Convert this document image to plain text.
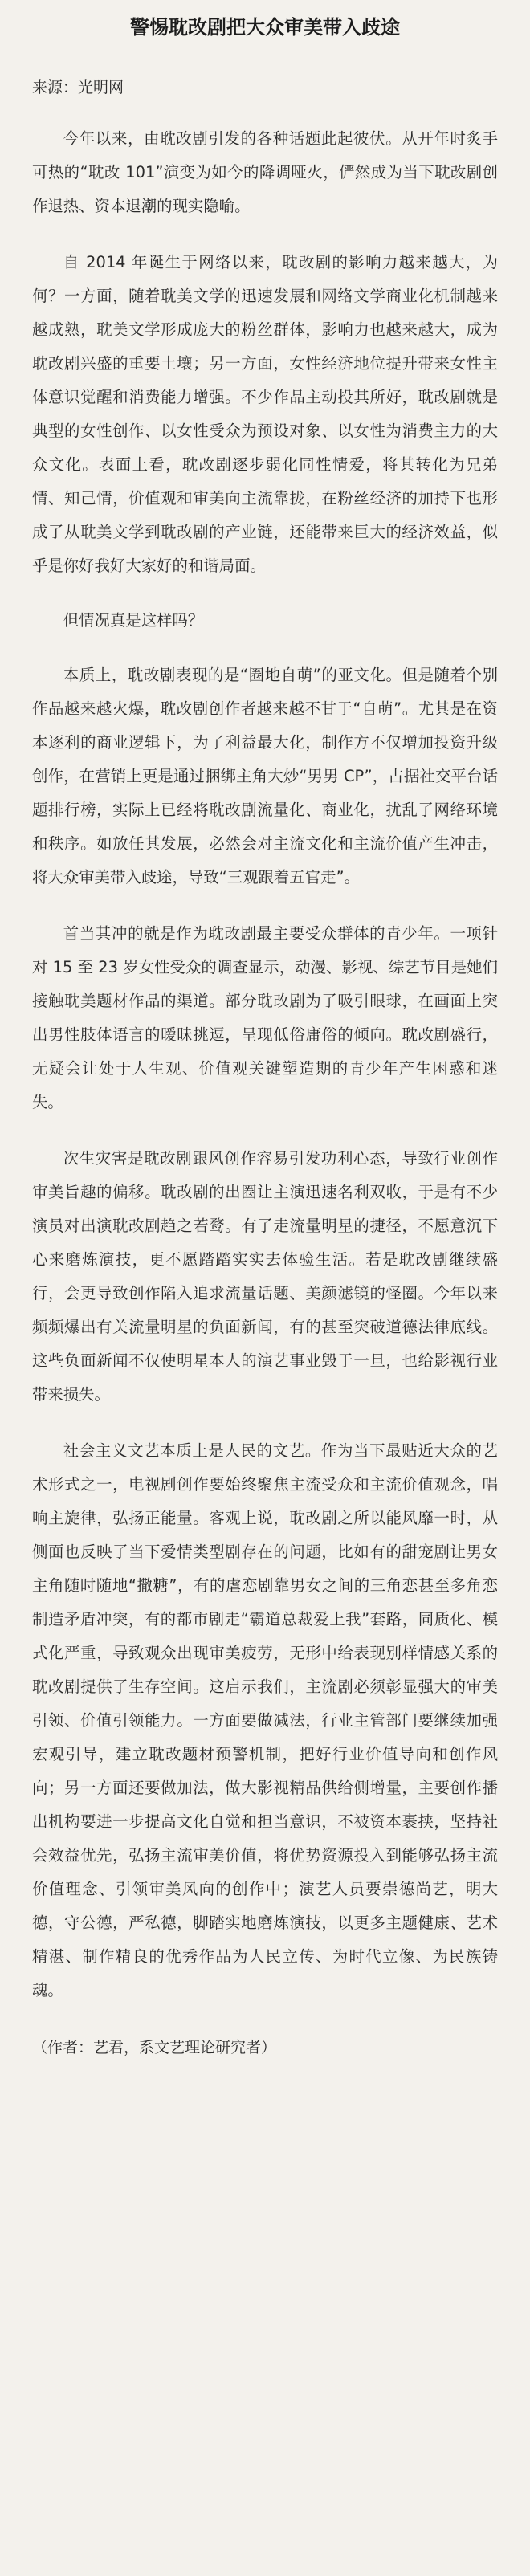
警惕耽改剧把大众审美带入歧途

来源：光明网

今年以来，由耽改剧引发的各种话题此起彼伏。从开年时炙手可热的“耽改 101”演变为如今的降调哑火，俨然成为当下耽改剧创作退热、资本退潮的现实隐喻。

自 2014 年诞生于网络以来，耽改剧的影响力越来越大，为何？一方面，随着耽美文学的迅速发展和网络文学商业化机制越来越成熟，耽美文学形成庞大的粉丝群体，影响力也越来越大，成为耽改剧兴盛的重要土壤；另一方面，女性经济地位提升带来女性主体意识觉醒和消费能力增强。不少作品主动投其所好，耽改剧就是典型的女性创作、以女性受众为预设对象、以女性为消费主力的大众文化。表面上看，耽改剧逐步弱化同性情爱，将其转化为兄弟情、知己情，价值观和审美向主流靠拢，在粉丝经济的加持下也形成了从耽美文学到耽改剧的产业链，还能带来巨大的经济效益，似乎是你好我好大家好的和谐局面。

但情况真是这样吗？

本质上，耽改剧表现的是“圈地自萌”的亚文化。但是随着个别作品越来越火爆，耽改剧创作者越来越不甘于“自萌”。尤其是在资本逐利的商业逻辑下，为了利益最大化，制作方不仅增加投资升级创作，在营销上更是通过捆绑主角大炒“男男 CP”，占据社交平台话题排行榜，实际上已经将耽改剧流量化、商业化，扰乱了网络环境和秩序。如放任其发展，必然会对主流文化和主流价值产生冲击，将大众审美带入歧途，导致“三观跟着五官走”。

首当其冲的就是作为耽改剧最主要受众群体的青少年。一项针对 15 至 23 岁女性受众的调查显示，动漫、影视、综艺节目是她们接触耽美题材作品的渠道。部分耽改剧为了吸引眼球，在画面上突出男性肢体语言的暧昧挑逗，呈现低俗庸俗的倾向。耽改剧盛行，无疑会让处于人生观、价值观关键塑造期的青少年产生困惑和迷失。

次生灾害是耽改剧跟风创作容易引发功利心态，导致行业创作审美旨趣的偏移。耽改剧的出圈让主演迅速名利双收，于是有不少演员对出演耽改剧趋之若鹜。有了走流量明星的捷径，不愿意沉下心来磨炼演技，更不愿踏踏实实去体验生活。若是耽改剧继续盛行，会更导致创作陷入追求流量话题、美颜滤镜的怪圈。今年以来频频爆出有关流量明星的负面新闻，有的甚至突破道德法律底线。 这些负面新闻不仅使明星本人的演艺事业毁于一旦，也给影视行业带来损失。

社会主义文艺本质上是人民的文艺。作为当下最贴近大众的艺术形式之一，电视剧创作要始终聚焦主流受众和主流价值观念，唱响主旋律，弘扬正能量。客观上说，耽改剧之所以能风靡一时，从侧面也反映了当下爱情类型剧存在的问题，比如有的甜宠剧让男女主角随时随地“撒糖”，有的虐恋剧靠男女之间的三角恋甚至多角恋制造矛盾冲突，有的都市剧走“霸道总裁爱上我”套路，同质化、模式化严重，导致观众出现审美疲劳，无形中给表现别样情感关系的耽改剧提供了生存空间。这启示我们，主流剧必须彰显强大的审美引领、价值引领能力。一方面要做减法，行业主管部门要继续加强宏观引导，建立耽改题材预警机制，把好行业价值导向和创作风向；另一方面还要做加法，做大影视精品供给侧增量，主要创作播出机构要进一步提高文化自觉和担当意识，不被资本裹挟，坚持社会效益优先，弘扬主流审美价值，将优势资源投入到能够弘扬主流价值理念、引领审美风向的创作中；演艺人员要崇德尚艺，明大德，守公德，严私德，脚踏实地磨炼演技，以更多主题健康、艺术精湛、制作精良的优秀作品为人民立传、为时代立像、为民族铸魂。

（作者：艺君，系文艺理论研究者）
